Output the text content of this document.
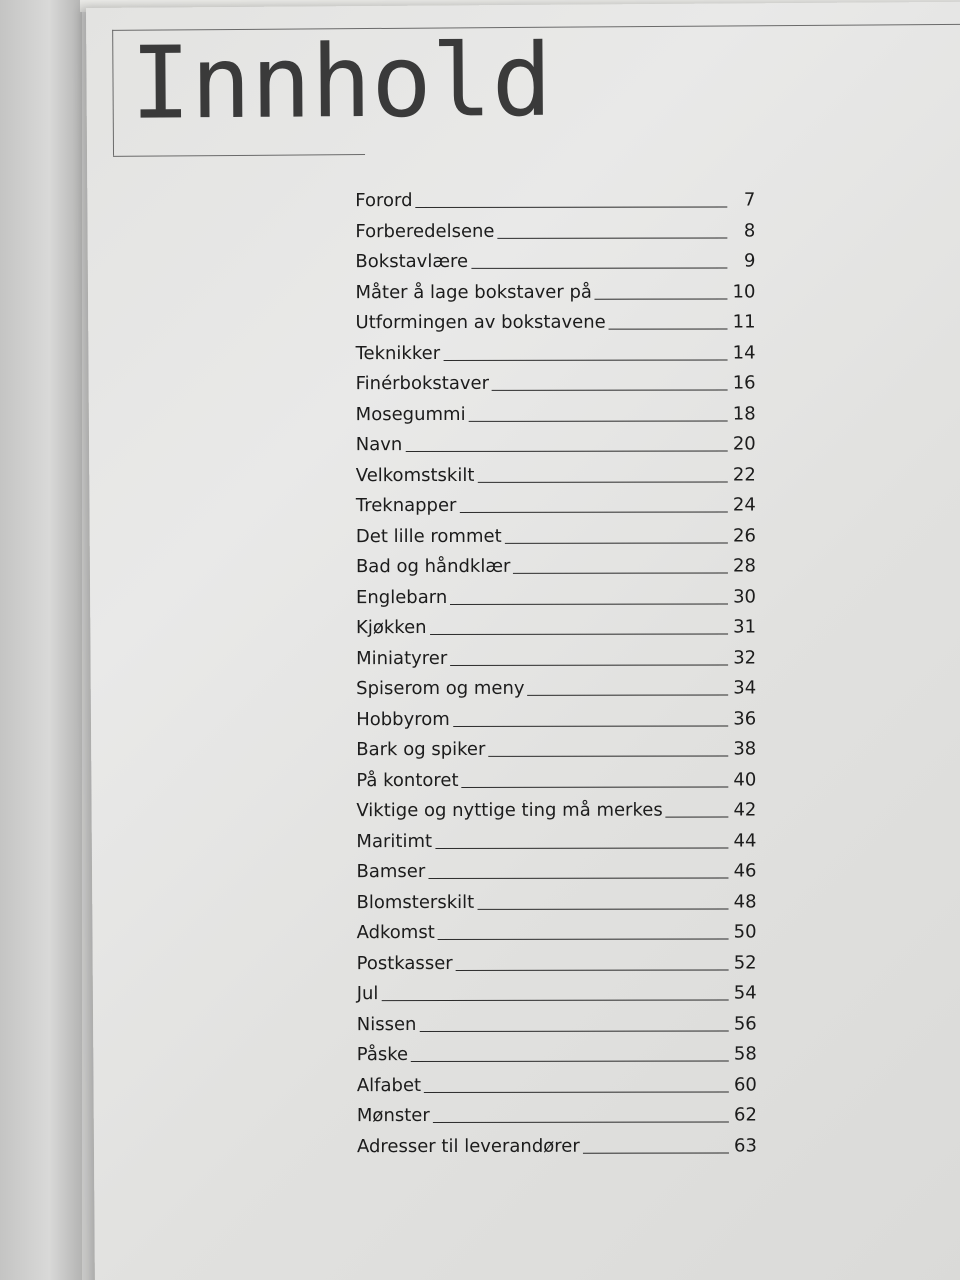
Innhold
Forord	7
Forberedelsene	8
Bokstavlære	9
Måter å lage bokstaver på	10
Utformingen av bokstavene	11
Teknikker	14
Finérbokstaver	16
Mosegummi	18
Navn	20
Velkomstskilt	22
Treknapper	24
Det lille rommet	26
Bad og håndklær	28
Englebarn	30
Kjøkken	31
Miniatyrer	32
Spiserom og meny	34
Hobbyrom	36
Bark og spiker	38
På kontoret	40
Viktige og nyttige ting må merkes	42
Maritimt	44
Bamser	46
Blomsterskilt	48
Adkomst	50
Postkasser	52
Jul	54
Nissen	56
Påske	58
Alfabet	60
Mønster	62
Adresser til leverandører	63
